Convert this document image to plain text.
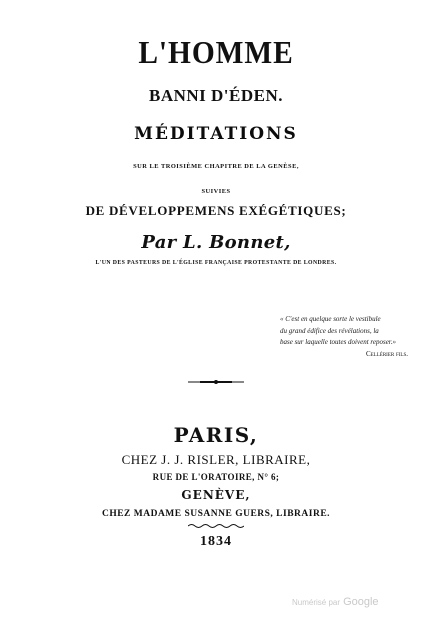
L'HOMME
BANNI D'ÉDEN.
MÉDITATIONS
SUR LE TROISIÈME CHAPITRE DE LA GENÈSE,
SUIVIES
DE DÉVELOPPEMENS EXÉGÉTIQUES;
Par L. Bonnet,
L'UN DES PASTEURS DE L'ÉGLISE FRANÇAISE PROTESTANTE DE LONDRES.
« C'est en quelque sorte le vestibule
du grand édifice des révélations, la
base sur laquelle toutes doivent reposer.»
Cellérier fils.
PARIS,
CHEZ J. J. RISLER, LIBRAIRE,
RUE DE L'ORATOIRE, N° 6;
GENÈVE,
CHEZ MADAME SUSANNE GUERS, LIBRAIRE.
1834
Numérisé par Google
